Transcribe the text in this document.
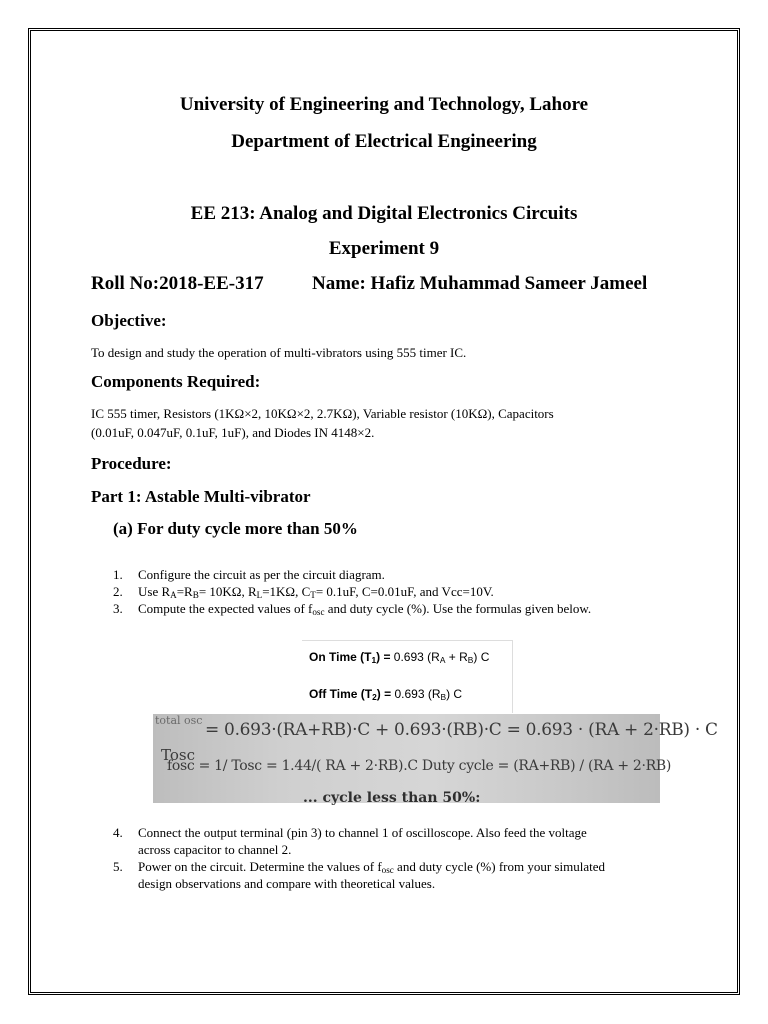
University of Engineering and Technology, Lahore
Department of Electrical Engineering
EE 213: Analog and Digital Electronics Circuits
Experiment 9
Roll No:2018-EE-317	Name: Hafiz Muhammad Sameer Jameel
Objective:
To design and study the operation of multi-vibrators using 555 timer IC.
Components Required:
IC 555 timer, Resistors (1KΩ×2, 10KΩ×2, 2.7KΩ), Variable resistor (10KΩ), Capacitors
(0.01uF, 0.047uF, 0.1uF, 1uF), and Diodes IN 4148×2.
Procedure:
Part 1: Astable Multi-vibrator
(a) For duty cycle more than 50%
1. Configure the circuit as per the circuit diagram.
2. Use $R_A=R_B= 10K\Omega$, $R_L=1K\Omega$, $C_T= 0.1uF$, C=0.01uF, and Vcc=10V.
3. Compute the expected values of $f_{osc}$ and duty cycle (%). Use the formulas given below.
On Time $(T_1) = 0.693$ $(R_A + R_B)$ C
Off Time $(T_2) = 0.693$ $(R_B)$ C
total osc
Tosc
= 0.693·(RA+RB)·C + 0.693·(RB)·C = 0.693 · (RA + 2·RB) · C
fosc = 1/ Tosc = 1.44/( RA + 2·RB).C Duty cycle = (RA+RB) / (RA + 2·RB)
... cycle less than 50%:
4. Connect the output terminal (pin 3) to channel 1 of oscilloscope. Also feed the voltage
across capacitor to channel 2.
5. Power on the circuit. Determine the values of $f_{osc}$ and duty cycle (%) from your simulated
design observations and compare with theoretical values.
